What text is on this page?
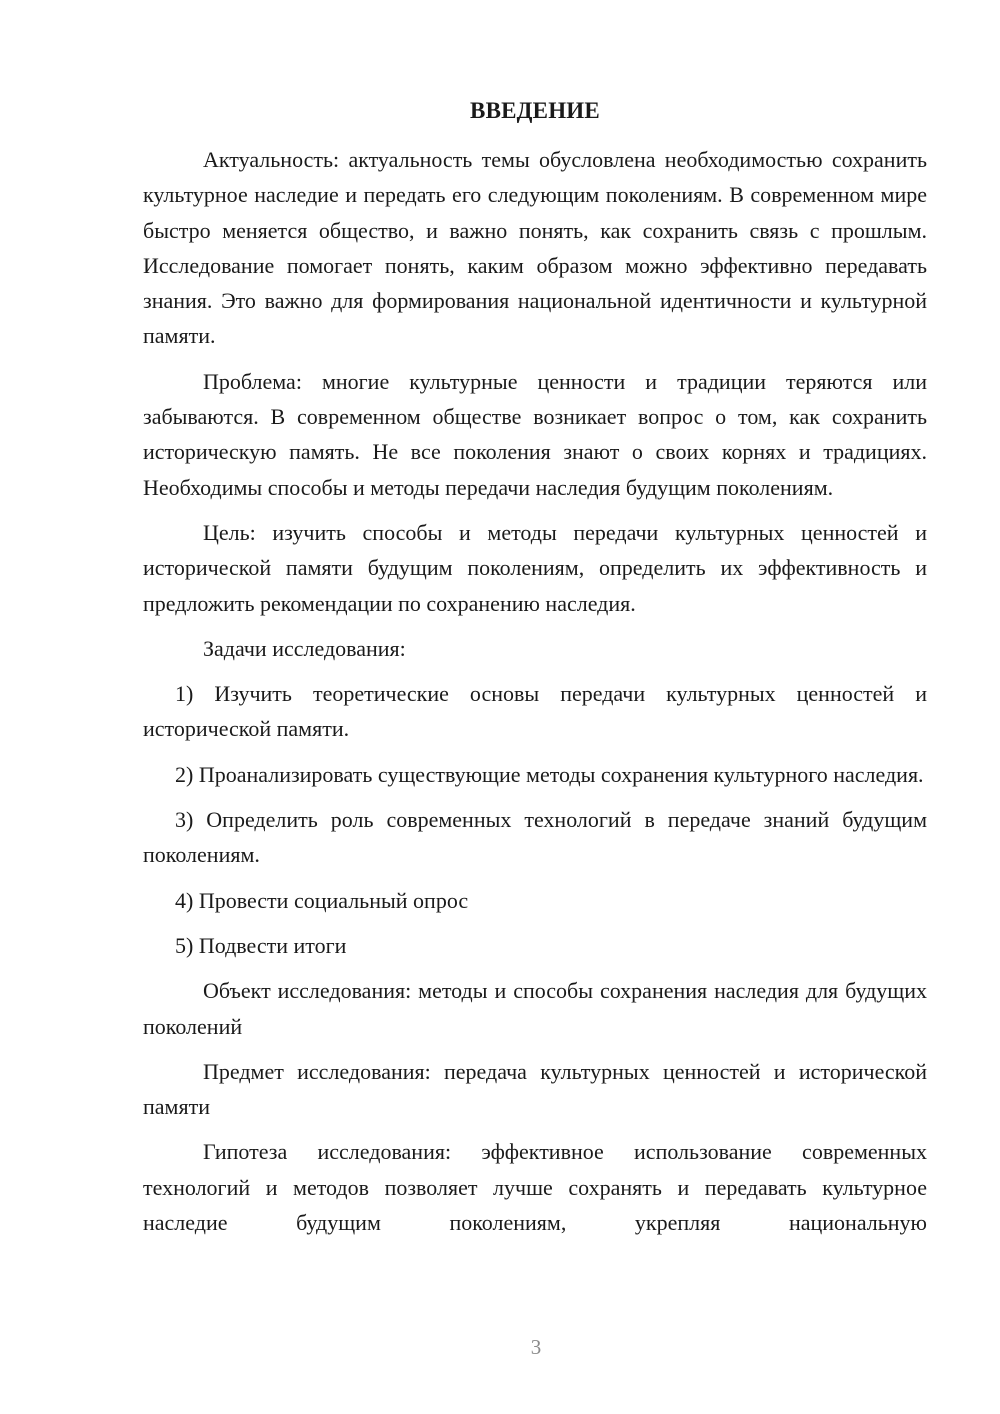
ВВЕДЕНИЕ

Актуальность: актуальность темы обусловлена необходимостью сохранить культурное наследие и передать его следующим поколениям. В современном мире быстро меняется общество, и важно понять, как сохранить связь с прошлым. Исследование помогает понять, каким образом можно эффективно передавать знания. Это важно для формирования национальной идентичности и культурной памяти.

Проблема: многие культурные ценности и традиции теряются или забываются. В современном обществе возникает вопрос о том, как сохранить историческую память. Не все поколения знают о своих корнях и традициях. Необходимы способы и методы передачи наследия будущим поколениям.

Цель: изучить способы и методы передачи культурных ценностей и исторической памяти будущим поколениям, определить их эффективность и предложить рекомендации по сохранению наследия.

Задачи исследования:

1) Изучить теоретические основы передачи культурных ценностей и исторической памяти.

2) Проанализировать существующие методы сохранения культурного наследия.

3) Определить роль современных технологий в передаче знаний будущим поколениям.

4) Провести социальный опрос

5) Подвести итоги

Объект исследования: методы и способы сохранения наследия для будущих поколений

Предмет исследования: передача культурных ценностей и исторической памяти

Гипотеза исследования: эффективное использование современных технологий и методов позволяет лучше сохранять и передавать культурное наследие будущим поколениям, укрепляя национальную

3
